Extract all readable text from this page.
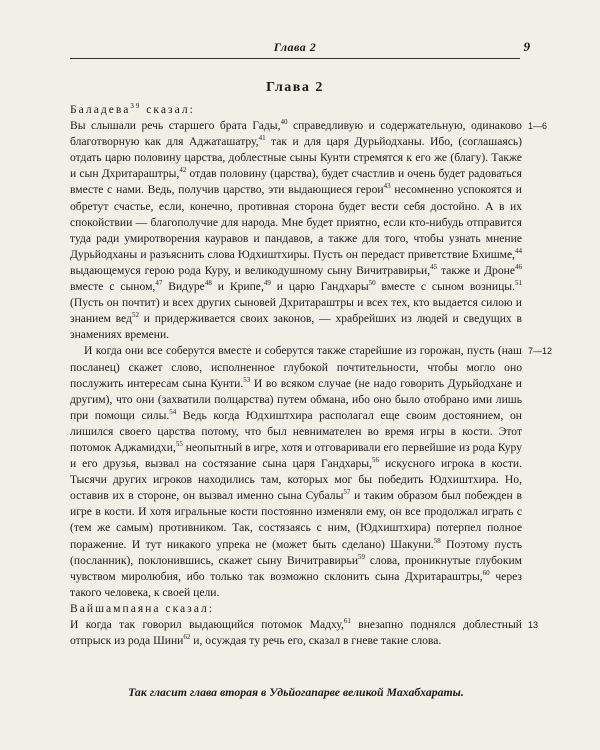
Глава 2	9
Глава 2

Баладева$^{39}$ сказал:

1—6

Вы слышали речь старшего брата Гады,$^{40}$ справедливую и содержательную, одинаково благотворную как для Аджаташатру,$^{41}$ так и для царя Дурьйодханы. Ибо, (соглашаясь) отдать царю половину царства, доблестные сыны Кунти стремятся к его же (благу). Также и сын Дхритараштры,$^{42}$ отдав половину (царства), будет счастлив и очень будет радоваться вместе с нами. Ведь, получив царство, эти выдающиеся герои$^{43}$ несомненно успокоятся и обретут счастье, если, конечно, противная сторона будет вести себя достойно. А в их спокойствии — благополучие для народа. Мне будет приятно, если кто-нибудь отправится туда ради умиротворения кауравов и пандавов, а также для того, чтобы узнать мнение Дурьйодханы и разъяснить слова Юдхиштхиры. Пусть он передаст приветствие Бхишме,$^{44}$ выдающемуся герою рода Куру, и великодушному сыну Вичитравирьи,$^{45}$ также и Дроне$^{46}$ вместе с сыном,$^{47}$ Видуре$^{48}$ и Крипе,$^{49}$ и царю Гандхары$^{50}$ вместе с сыном возницы.$^{51}$ (Пусть он почтит) и всех других сыновей Дхритараштры и всех тех, кто выдается силою и знанием вед$^{52}$ и придерживается своих законов, — храбрейших из людей и сведущих в знамениях времени.

7—12

И когда они все соберутся вместе и соберутся также старейшие из горожан, пусть (наш посланец) скажет слово, исполненное глубокой почтительности, чтобы могло оно послужить интересам сына Кунти.$^{53}$ И во всяком случае (не надо говорить Дурьйодхане и другим), что они (захватили полцарства) путем обмана, ибо оно было отобрано ими лишь при помощи силы.$^{54}$ Ведь когда Юдхиштхира располагал еще своим достоянием, он лишился своего царства потому, что был невнимателен во время игры в кости. Этот потомок Аджамидхи,$^{55}$ неопытный в игре, хотя и отговаривали его первейшие из рода Куру и его друзья, вызвал на состязание сына царя Гандхары,$^{56}$ искусного игрока в кости. Тысячи других игроков находились там, которых мог бы победить Юдхиштхира. Но, оставив их в стороне, он вызвал именно сына Субалы$^{57}$ и таким образом был побежден в игре в кости. И хотя игральные кости постоянно изменяли ему, он все продолжал играть с (тем же самым) противником. Так, состязаясь с ним, (Юдхиштхира) потерпел полное поражение. И тут никакого упрека не (может быть сделано) Шакуни.$^{58}$ Поэтому пусть (посланник), поклонившись, скажет сыну Вичитравирьи$^{59}$ слова, проникнутые глубоким чувством миролюбия, ибо только так возможно склонить сына Дхритараштры,$^{60}$ через такого человека, к своей цели.

Вайшампаяна сказал:

13

И когда так говорил выдающийся потомок Мадху,$^{61}$ внезапно поднялся доблестный отпрыск из рода Шини$^{62}$ и, осуждая ту речь его, сказал в гневе такие слова.

Так гласит глава вторая в Удьйогапарве великой Махабхараты.
